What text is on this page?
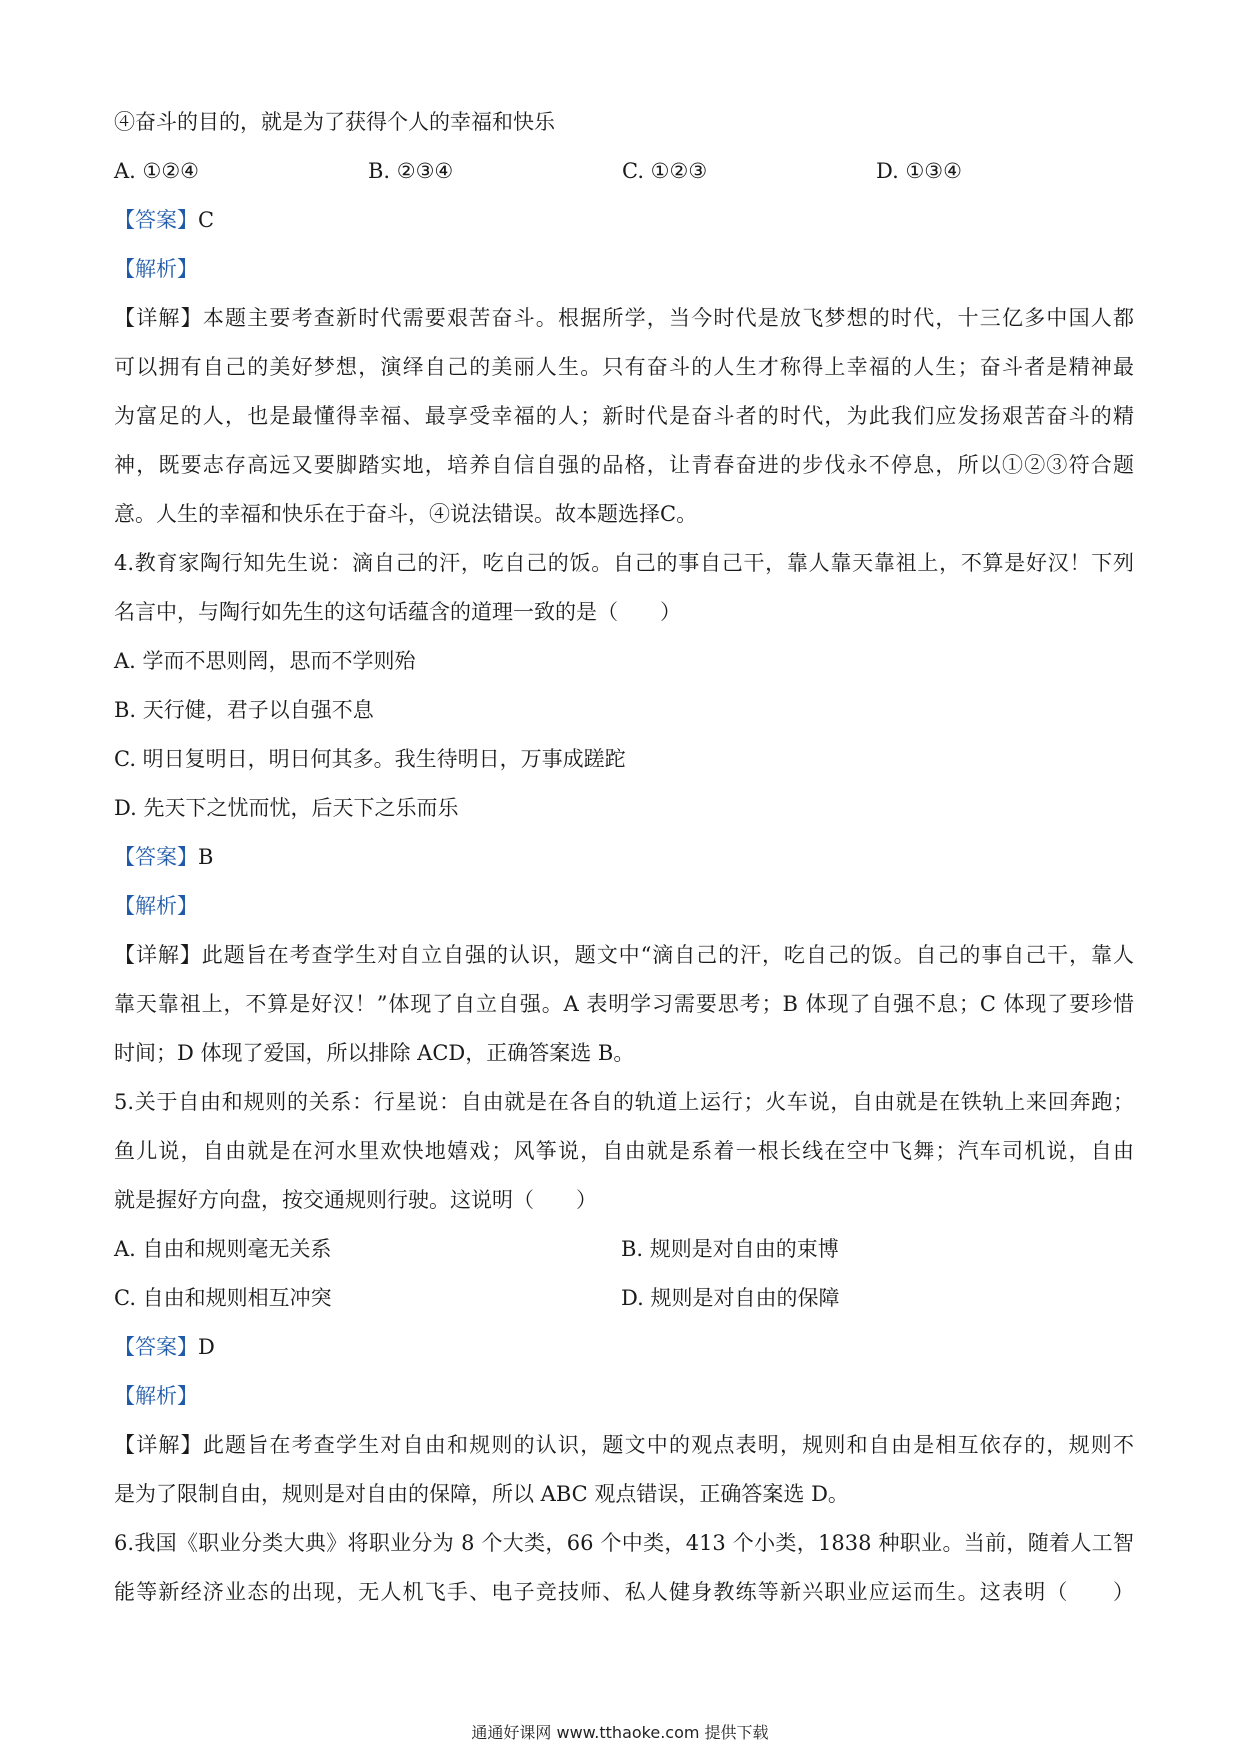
④奋斗的目的，就是为了获得个人的幸福和快乐
A. ①②④	B. ②③④	C. ①②③	D. ①③④
【答案】C
【解析】
【详解】本题主要考查新时代需要艰苦奋斗。根据所学，当今时代是放飞梦想的时代，十三亿多中国人都
可以拥有自己的美好梦想，演绎自己的美丽人生。只有奋斗的人生才称得上幸福的人生；奋斗者是精神最
为富足的人，也是最懂得幸福、最享受幸福的人；新时代是奋斗者的时代，为此我们应发扬艰苦奋斗的精
神，既要志存高远又要脚踏实地，培养自信自强的品格，让青春奋进的步伐永不停息，所以①②③符合题
意。人生的幸福和快乐在于奋斗，④说法错误。故本题选择C。
4.教育家陶行知先生说：滴自己的汗，吃自己的饭。自己的事自己干，靠人靠天靠祖上，不算是好汉！下列
名言中，与陶行如先生的这句话蕴含的道理一致的是（　　）
A. 学而不思则罔，思而不学则殆
B. 天行健，君子以自强不息
C. 明日复明日，明日何其多。我生待明日，万事成蹉跎
D. 先天下之忧而忧，后天下之乐而乐
【答案】B
【解析】
【详解】此题旨在考查学生对自立自强的认识，题文中“滴自己的汗，吃自己的饭。自己的事自己干，靠人
靠天靠祖上，不算是好汉！”体现了自立自强。A 表明学习需要思考；B 体现了自强不息；C 体现了要珍惜
时间；D 体现了爱国，所以排除 ACD，正确答案选 B。
5.关于自由和规则的关系：行星说：自由就是在各自的轨道上运行；火车说，自由就是在铁轨上来回奔跑；
鱼儿说，自由就是在河水里欢快地嬉戏；风筝说，自由就是系着一根长线在空中飞舞；汽车司机说，自由
就是握好方向盘，按交通规则行驶。这说明（　　）
A. 自由和规则毫无关系	B. 规则是对自由的束博
C. 自由和规则相互冲突	D. 规则是对自由的保障
【答案】D
【解析】
【详解】此题旨在考查学生对自由和规则的认识，题文中的观点表明，规则和自由是相互依存的，规则不
是为了限制自由，规则是对自由的保障，所以 ABC 观点错误，正确答案选 D。
6.我国《职业分类大典》将职业分为 8 个大类，66 个中类，413 个小类，1838 种职业。当前，随着人工智
能等新经济业态的出现，无人机飞手、电子竞技师、私人健身教练等新兴职业应运而生。这表明（　　）
通通好课网 www.tthaoke.com 提供下载
